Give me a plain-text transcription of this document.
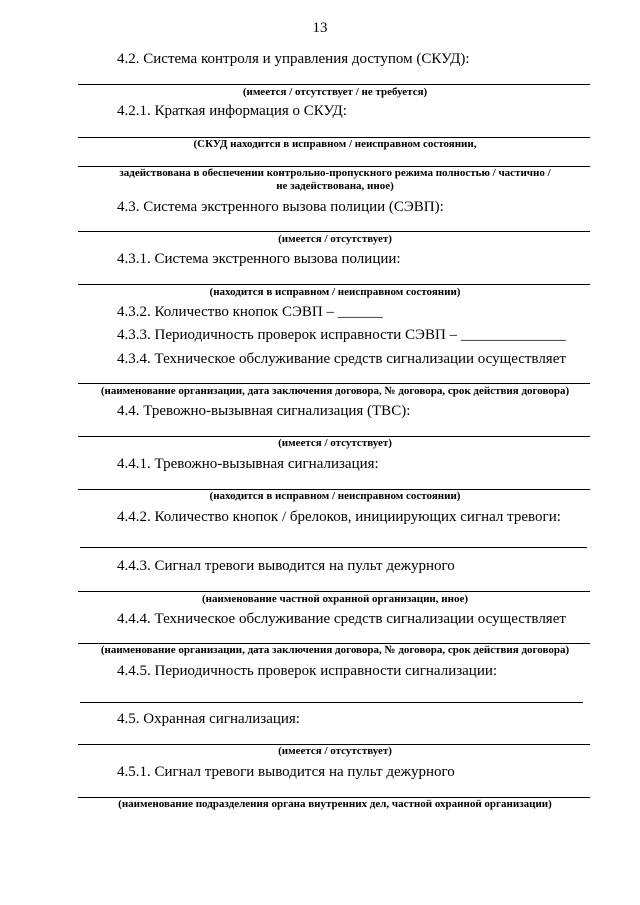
13
4.2. Система контроля и управления доступом (СКУД):
(имеется / отсутствует / не требуется)
4.2.1. Краткая информация о СКУД:
(СКУД находится в исправном / неисправном состоянии,
задействована в обеспечении контрольно-пропускного режима полностью / частично /
не задействована, иное)
4.3. Система экстренного вызова полиции (СЭВП):
(имеется / отсутствует)
4.3.1. Система экстренного вызова полиции:
(находится в исправном / неисправном состоянии)
4.3.2. Количество кнопок СЭВП – ______
4.3.3. Периодичность проверок исправности СЭВП – ______________
4.3.4. Техническое обслуживание средств сигнализации осуществляет
(наименование организации, дата заключения договора, № договора, срок действия договора)
4.4. Тревожно-вызывная сигнализация (ТВС):
(имеется / отсутствует)
4.4.1. Тревожно-вызывная сигнализация:
(находится в исправном / неисправном состоянии)
4.4.2. Количество кнопок / брелоков, инициирующих сигнал тревоги:
4.4.3. Сигнал тревоги выводится на пульт дежурного
(наименование частной охранной организации, иное)
4.4.4. Техническое обслуживание средств сигнализации осуществляет
(наименование организации, дата заключения договора, № договора, срок действия договора)
4.4.5. Периодичность проверок исправности сигнализации:
4.5. Охранная сигнализация:
(имеется / отсутствует)
4.5.1. Сигнал тревоги выводится на пульт дежурного
(наименование подразделения органа внутренних дел, частной охранной организации)
